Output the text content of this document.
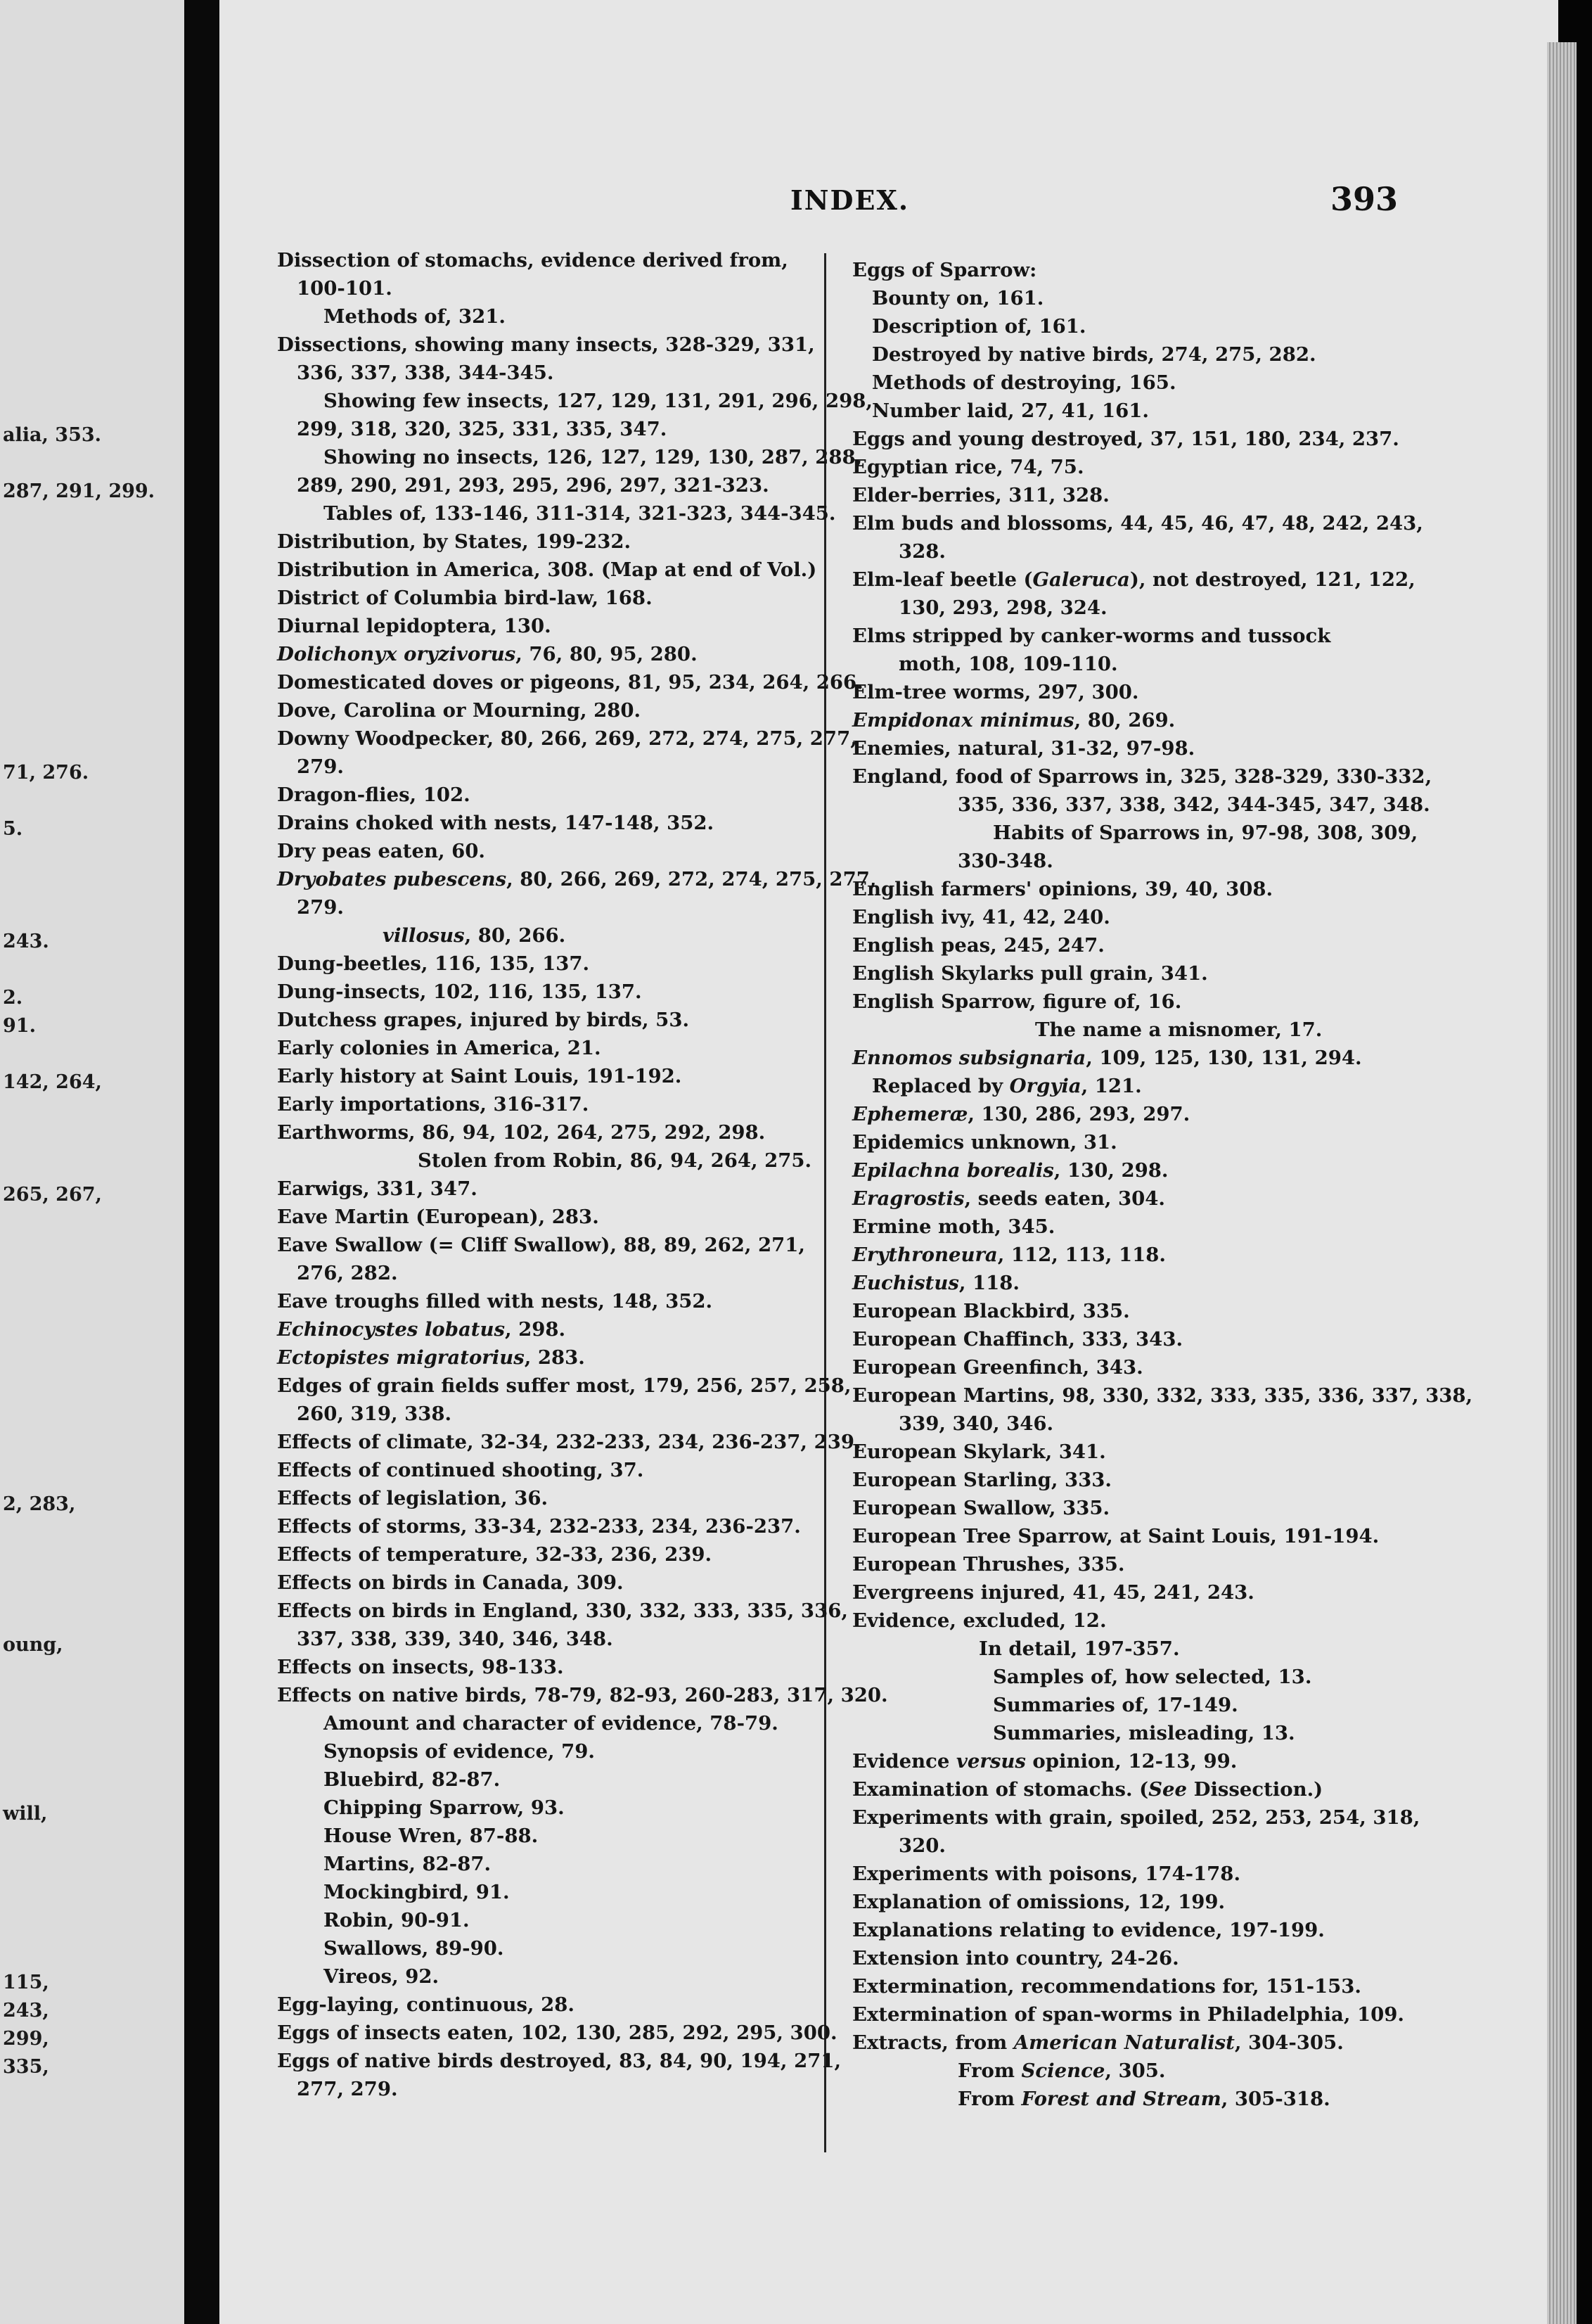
alia, 353.
287, 291, 299.
71, 276.
5.
243.
2.
91.
142, 264,
265, 267,
2, 283,
oung,
will,
115,
243,
299,
335,
INDEX.	393
Dissection of stomachs, evidence derived from,
100-101.
Methods of, 321.
Dissections, showing many insects, 328-329, 331,
336, 337, 338, 344-345.
Showing few insects, 127, 129, 131, 291, 296, 298,
299, 318, 320, 325, 331, 335, 347.
Showing no insects, 126, 127, 129, 130, 287, 288,
289, 290, 291, 293, 295, 296, 297, 321-323.
Tables of, 133-146, 311-314, 321-323, 344-345.
Distribution, by States, 199-232.
Distribution in America, 308. (Map at end of Vol.)
District of Columbia bird-law, 168.
Diurnal lepidoptera, 130.
Dolichonyx oryzivorus, 76, 80, 95, 280.
Domesticated doves or pigeons, 81, 95, 234, 264, 266.
Dove, Carolina or Mourning, 280.
Downy Woodpecker, 80, 266, 269, 272, 274, 275, 277,
279.
Dragon-flies, 102.
Drains choked with nests, 147-148, 352.
Dry peas eaten, 60.
Dryobates pubescens, 80, 266, 269, 272, 274, 275, 277,
279.
villosus, 80, 266.
Dung-beetles, 116, 135, 137.
Dung-insects, 102, 116, 135, 137.
Dutchess grapes, injured by birds, 53.
Early colonies in America, 21.
Early history at Saint Louis, 191-192.
Early importations, 316-317.
Earthworms, 86, 94, 102, 264, 275, 292, 298.
Stolen from Robin, 86, 94, 264, 275.
Earwigs, 331, 347.
Eave Martin (European), 283.
Eave Swallow (= Cliff Swallow), 88, 89, 262, 271,
276, 282.
Eave troughs filled with nests, 148, 352.
Echinocystes lobatus, 298.
Ectopistes migratorius, 283.
Edges of grain fields suffer most, 179, 256, 257, 258,
260, 319, 338.
Effects of climate, 32-34, 232-233, 234, 236-237, 239.
Effects of continued shooting, 37.
Effects of legislation, 36.
Effects of storms, 33-34, 232-233, 234, 236-237.
Effects of temperature, 32-33, 236, 239.
Effects on birds in Canada, 309.
Effects on birds in England, 330, 332, 333, 335, 336,
337, 338, 339, 340, 346, 348.
Effects on insects, 98-133.
Effects on native birds, 78-79, 82-93, 260-283, 317, 320.
Amount and character of evidence, 78-79.
Synopsis of evidence, 79.
Bluebird, 82-87.
Chipping Sparrow, 93.
House Wren, 87-88.
Martins, 82-87.
Mockingbird, 91.
Robin, 90-91.
Swallows, 89-90.
Vireos, 92.
Egg-laying, continuous, 28.
Eggs of insects eaten, 102, 130, 285, 292, 295, 300.
Eggs of native birds destroyed, 83, 84, 90, 194, 271,
277, 279.
Eggs of Sparrow:
Bounty on, 161.
Description of, 161.
Destroyed by native birds, 274, 275, 282.
Methods of destroying, 165.
Number laid, 27, 41, 161.
Eggs and young destroyed, 37, 151, 180, 234, 237.
Egyptian rice, 74, 75.
Elder-berries, 311, 328.
Elm buds and blossoms, 44, 45, 46, 47, 48, 242, 243,
328.
Elm-leaf beetle (Galeruca), not destroyed, 121, 122,
130, 293, 298, 324.
Elms stripped by canker-worms and tussock
moth, 108, 109-110.
Elm-tree worms, 297, 300.
Empidonax minimus, 80, 269.
Enemies, natural, 31-32, 97-98.
England, food of Sparrows in, 325, 328-329, 330-332,
335, 336, 337, 338, 342, 344-345, 347, 348.
Habits of Sparrows in, 97-98, 308, 309,
330-348.
English farmers' opinions, 39, 40, 308.
English ivy, 41, 42, 240.
English peas, 245, 247.
English Skylarks pull grain, 341.
English Sparrow, figure of, 16.
The name a misnomer, 17.
Ennomos subsignaria, 109, 125, 130, 131, 294.
Replaced by Orgyia, 121.
Ephemeræ, 130, 286, 293, 297.
Epidemics unknown, 31.
Epilachna borealis, 130, 298.
Eragrostis, seeds eaten, 304.
Ermine moth, 345.
Erythroneura, 112, 113, 118.
Euchistus, 118.
European Blackbird, 335.
European Chaffinch, 333, 343.
European Greenfinch, 343.
European Martins, 98, 330, 332, 333, 335, 336, 337, 338,
339, 340, 346.
European Skylark, 341.
European Starling, 333.
European Swallow, 335.
European Tree Sparrow, at Saint Louis, 191-194.
European Thrushes, 335.
Evergreens injured, 41, 45, 241, 243.
Evidence, excluded, 12.
In detail, 197-357.
Samples of, how selected, 13.
Summaries of, 17-149.
Summaries, misleading, 13.
Evidence versus opinion, 12-13, 99.
Examination of stomachs. (See Dissection.)
Experiments with grain, spoiled, 252, 253, 254, 318,
320.
Experiments with poisons, 174-178.
Explanation of omissions, 12, 199.
Explanations relating to evidence, 197-199.
Extension into country, 24-26.
Extermination, recommendations for, 151-153.
Extermination of span-worms in Philadelphia, 109.
Extracts, from American Naturalist, 304-305.
From Science, 305.
From Forest and Stream, 305-318.
